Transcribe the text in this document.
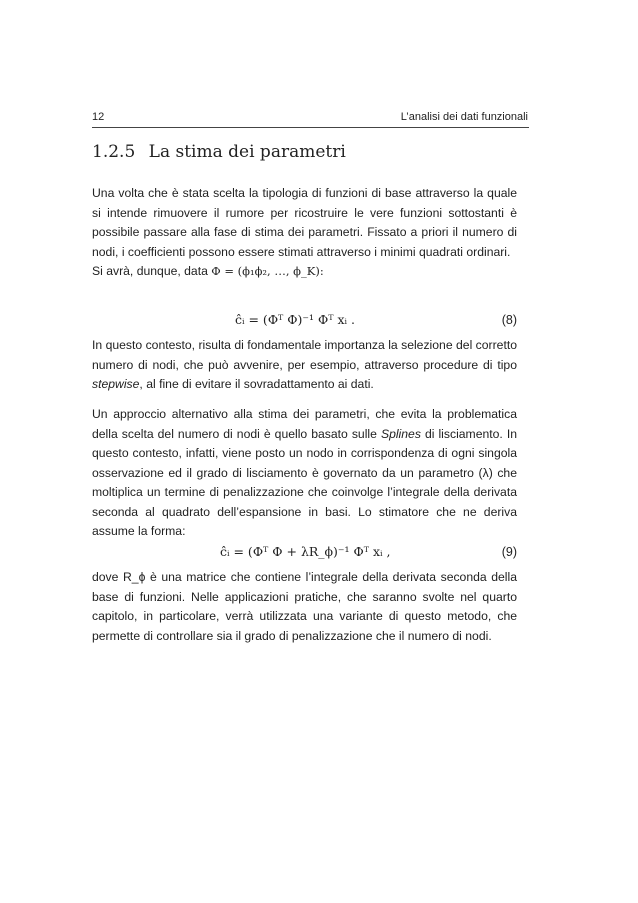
12	L’analisi dei dati funzionali
1.2.5 La stima dei parametri

Una volta che è stata scelta la tipologia di funzioni di base attraverso la quale si intende rimuovere il rumore per ricostruire le vere funzioni sottostanti è possibile passare alla fase di stima dei parametri. Fissato a priori il numero di nodi, i coefficienti possono essere stimati attraverso i minimi quadrati ordinari.

Si avrà, dunque, data Φ = (ϕ₁ϕ₂, …, ϕ_K):
ĉᵢ = (Φᵀ Φ)⁻¹ Φᵀ xᵢ .	(8)

In questo contesto, risulta di fondamentale importanza la selezione del corretto numero di nodi, che può avvenire, per esempio, attraverso procedure di tipo stepwise, al fine di evitare il sovradattamento ai dati.

Un approccio alternativo alla stima dei parametri, che evita la problematica della scelta del numero di nodi è quello basato sulle Splines di lisciamento. In questo contesto, infatti, viene posto un nodo in corrispondenza di ogni singola osservazione ed il grado di lisciamento è governato da un parametro (λ) che moltiplica un termine di penalizzazione che coinvolge l’integrale della derivata seconda al quadrato dell’espansione in basi. Lo stimatore che ne deriva assume la forma:

ĉᵢ = (Φᵀ Φ + λR_ϕ)⁻¹ Φᵀ xᵢ ,	(9)

dove R_ϕ è una matrice che contiene l’integrale della derivata seconda della base di funzioni. Nelle applicazioni pratiche, che saranno svolte nel quarto capitolo, in particolare, verrà utilizzata una variante di questo metodo, che permette di controllare sia il grado di penalizzazione che il numero di nodi.
